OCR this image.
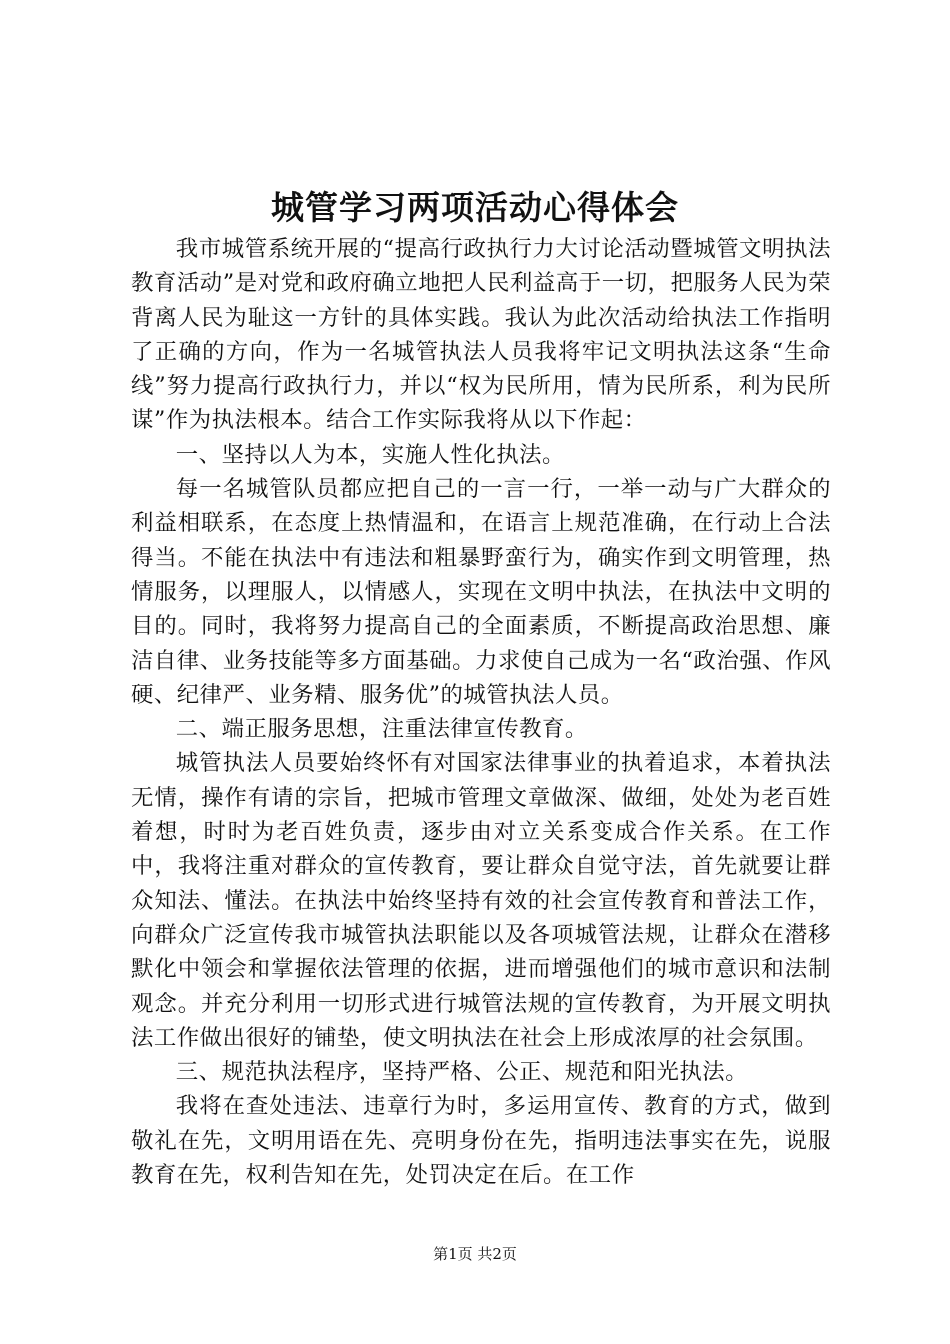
城管学习两项活动心得体会

我市城管系统开展的“提高行政执行力大讨论活动暨城管文明执法教育活动”是对党和政府确立地把人民利益高于一切，把服务人民为荣背离人民为耻这一方针的具体实践。我认为此次活动给执法工作指明了正确的方向，作为一名城管执法人员我将牢记文明执法这条“生命线”努力提高行政执行力，并以“权为民所用，情为民所系，利为民所谋”作为执法根本。结合工作实际我将从以下作起：

一、坚持以人为本，实施人性化执法。

每一名城管队员都应把自己的一言一行，一举一动与广大群众的利益相联系，在态度上热情温和，在语言上规范准确，在行动上合法得当。不能在执法中有违法和粗暴野蛮行为，确实作到文明管理，热情服务，以理服人，以情感人，实现在文明中执法，在执法中文明的目的。同时，我将努力提高自己的全面素质，不断提高政治思想、廉洁自律、业务技能等多方面基础。力求使自己成为一名“政治强、作风硬、纪律严、业务精、服务优”的城管执法人员。

二、端正服务思想，注重法律宣传教育。

城管执法人员要始终怀有对国家法律事业的执着追求，本着执法无情，操作有请的宗旨，把城市管理文章做深、做细，处处为老百姓着想，时时为老百姓负责，逐步由对立关系变成合作关系。在工作中，我将注重对群众的宣传教育，要让群众自觉守法，首先就要让群众知法、懂法。在执法中始终坚持有效的社会宣传教育和普法工作，向群众广泛宣传我市城管执法职能以及各项城管法规，让群众在潜移默化中领会和掌握依法管理的依据，进而增强他们的城市意识和法制观念。并充分利用一切形式进行城管法规的宣传教育，为开展文明执法工作做出很好的铺垫，使文明执法在社会上形成浓厚的社会氛围。

三、规范执法程序，坚持严格、公正、规范和阳光执法。

我将在查处违法、违章行为时，多运用宣传、教育的方式，做到敬礼在先，文明用语在先、亮明身份在先，指明违法事实在先，说服教育在先，权利告知在先，处罚决定在后。在工作

第1页 共2页
